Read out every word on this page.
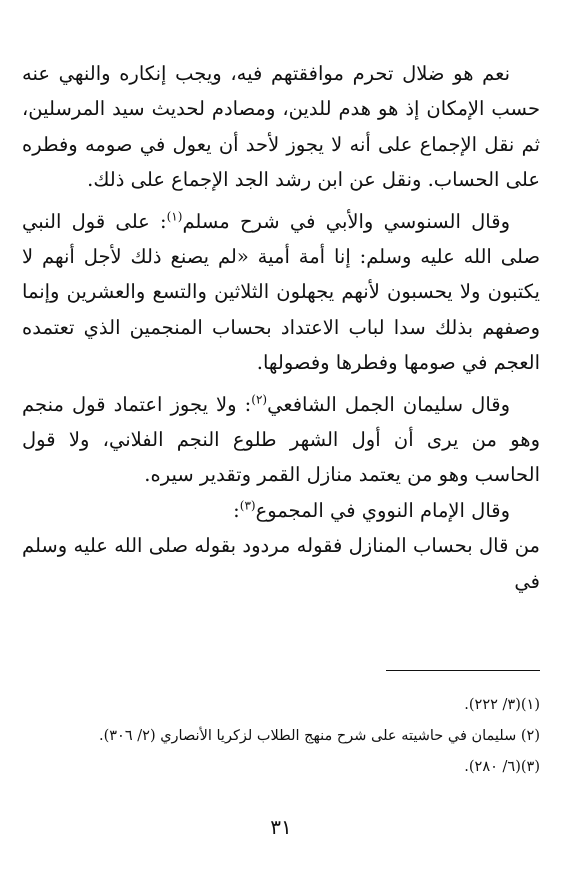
نعم هو ضلال تحرم موافقتهم فيه، ويجب إنكاره والنهي عنه حسب الإمكان إذ هو هدم للدين، ومصادم لحديث سيد المرسلين، ثم نقل الإجماع على أنه لا يجوز لأحد أن يعول في صومه وفطره على الحساب. ونقل عن ابن رشد الجد الإجماع على ذلك.

وقال السنوسي والأبي في شرح مسلم$^{(١)}$: على قول النبي صلى الله عليه وسلم: إنا أمة أمية «لم يصنع ذلك لأجل أنهم لا يكتبون ولا يحسبون لأنهم يجهلون الثلاثين والتسع والعشرين وإنما وصفهم بذلك سدا لباب الاعتداد بحساب المنجمين الذي تعتمده العجم في صومها وفطرها وفصولها.

وقال سليمان الجمل الشافعي$^{(٢)}$: ولا يجوز اعتماد قول منجم وهو من يرى أن أول الشهر طلوع النجم الفلاني، ولا قول الحاسب وهو من يعتمد منازل القمر وتقدير سيره.

وقال الإمام النووي في المجموع$^{(٣)}$:

من قال بحساب المنازل فقوله مردود بقوله صلى الله عليه وسلم في

(١)(٣/ ٢٢٢).

(٢) سليمان في حاشيته على شرح منهج الطلاب لزكريا الأنصاري (٢/ ٣٠٦).

(٣)(٦/ ٢٨٠).

٣١
